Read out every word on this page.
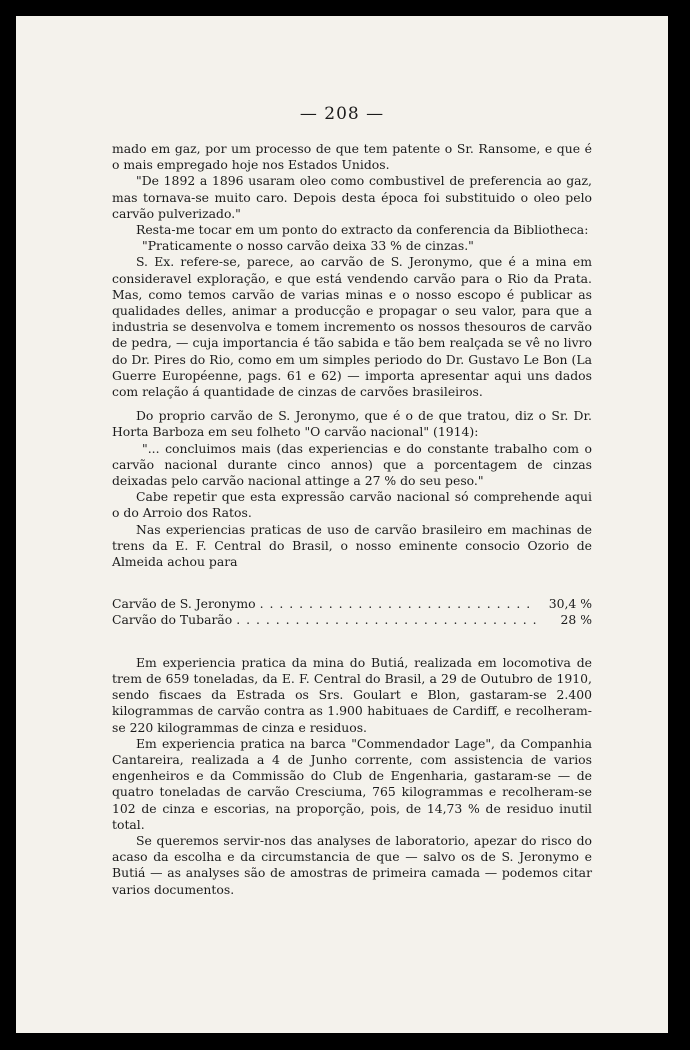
— 208 —

mado em gaz, por um processo de que tem patente o Sr. Ransome, e que é o mais empregado hoje nos Estados Unidos.

"De 1892 a 1896 usaram oleo como combustivel de preferencia ao gaz, mas tornava-se muito caro. Depois desta época foi substituido o oleo pelo carvão pulverizado."

Resta-me tocar em um ponto do extracto da conferencia da Bibliotheca:

"Praticamente o nosso carvão deixa 33 % de cinzas."

S. Ex. refere-se, parece, ao carvão de S. Jeronymo, que é a mina em consideravel exploração, e que está vendendo carvão para o Rio da Prata. Mas, como temos carvão de varias minas e o nosso escopo é publicar as qualidades delles, animar a producção e propagar o seu valor, para que a industria se desenvolva e tomem incremento os nossos thesouros de carvão de pedra, — cuja importancia é tão sabida e tão bem realçada se vê no livro do Dr. Pires do Rio, como em um simples periodo do Dr. Gustavo Le Bon (La Guerre Européenne, pags. 61 e 62) — importa apresentar aqui uns dados com relação á quantidade de cinzas de carvões brasileiros.

Do proprio carvão de S. Jeronymo, que é o de que tratou, diz o Sr. Dr. Horta Barboza em seu folheto "O carvão nacional" (1914):

"... concluimos mais (das experiencias e do constante trabalho com o carvão nacional durante cinco annos) que a porcentagem de cinzas deixadas pelo carvão nacional attinge a 27 % do seu peso."

Cabe repetir que esta expressão carvão nacional só comprehende aqui o do Arroio dos Ratos.

Nas experiencias praticas de uso de carvão brasileiro em machinas de trens da E. F. Central do Brasil, o nosso eminente consocio Ozorio de Almeida achou para

Carvão de S. Jeronymo . . .	30,4 %
Carvão do Tubarão . . .	28 %

Em experiencia pratica da mina do Butiá, realizada em locomotiva de trem de 659 toneladas, da E. F. Central do Brasil, a 29 de Outubro de 1910, sendo fiscaes da Estrada os Srs. Goulart e Blon, gastaram-se 2.400 kilogrammas de carvão contra as 1.900 habituaes de Cardiff, e recolheram-se 220 kilogrammas de cinza e residuos.

Em experiencia pratica na barca "Commendador Lage", da Companhia Cantareira, realizada a 4 de Junho corrente, com assistencia de varios engenheiros e da Commissão do Club de Engenharia, gastaram-se — de quatro toneladas de carvão Cresciuma, 765 kilogrammas e recolheram-se 102 de cinza e escorias, na proporção, pois, de 14,73 % de residuo inutil total.

Se queremos servir-nos das analyses de laboratorio, apezar do risco do acaso da escolha e da circumstancia de que — salvo os de S. Jeronymo e Butiá — as analyses são de amostras de primeira camada — podemos citar varios documentos.
